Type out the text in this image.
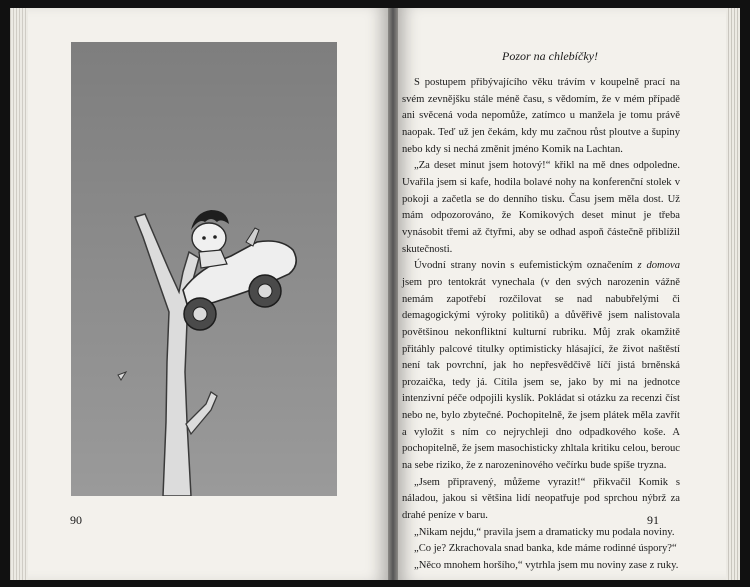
90
Pozor na chlebíčky!

S postupem přibývajícího věku trávím v koupelně prací na svém zevnějšku stále méně času, s vědomím, že v mém případě ani svěcená voda nepomůže, zatímco u manžela je tomu právě naopak. Teď už jen čekám, kdy mu začnou růst ploutve a šupiny nebo kdy si nechá změnit jméno Komik na Lachtan.

„Za deset minut jsem hotový!“ křikl na mě dnes odpoledne. Uvařila jsem si kafe, hodila bolavé nohy na konferenční stolek v pokoji a začetla se do denního tisku. Času jsem měla dost. Už mám odpozorováno, že Komikových deset minut je třeba vynásobit třemi až čtyřmi, aby se odhad aspoň částečně přiblížil skutečnosti.

Úvodní strany novin s eufemistickým označením z domova jsem pro tentokrát vynechala (v den svých narozenin vážně nemám zapotřebí rozčilovat se nad nabubřelými či demagogickými výroky politiků) a důvěřivě jsem nalistovala povětšinou nekonfliktní kulturní rubriku. Můj zrak okamžitě přitáhly palcové titulky optimisticky hlásající, že život naštěstí není tak povrchní, jak ho nepřesvědčivě líčí jistá brněnská prozaička, tedy já. Cítila jsem se, jako by mi na jednotce intenzivní péče odpojili kyslík. Pokládat si otázku za recenzi číst nebo ne, bylo zbytečné. Pochopitelně, že jsem plátek měla zavřít a vyložit s ním co nejrychleji dno odpadkového koše. A pochopitelně, že jsem masochisticky zhltala kritiku celou, berouc na sebe riziko, že z narozeninového večírku bude spíše tryzna.

„Jsem připravený, můžeme vyrazit!“ přikvačil Komik s náladou, jakou si většina lidí neopatřuje pod sprchou nýbrž za drahé peníze v baru.

„Nikam nejdu,“ pravila jsem a dramaticky mu podala noviny.

„Co je? Zkrachovala snad banka, kde máme rodinné úspory?“

„Něco mnohem horšího,“ vytrhla jsem mu noviny zase z ruky.

91
